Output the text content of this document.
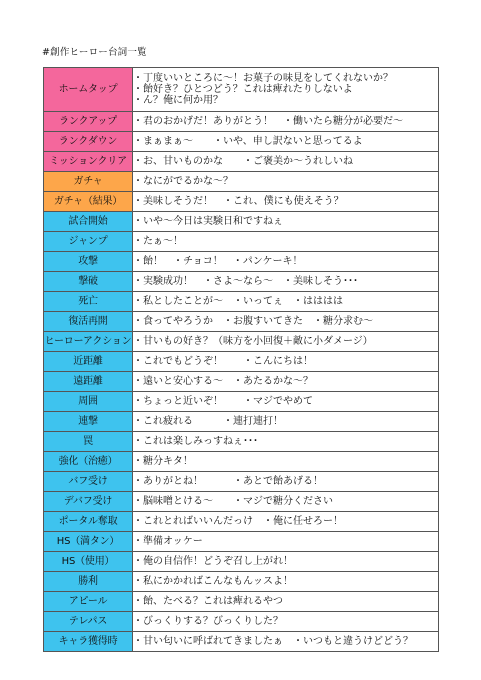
#創作ヒーロー台詞一覧
ホームタップ	・丁度いいところに〜！お菓子の味見をしてくれないか？
・飴好き？ひとつどう？これは痺れたりしないよ
・ん？俺に何か用？

ランクアップ	・君のおかげだ！ありがとう！　・働いたら糖分が必要だ〜

ランクダウン	・まぁまぁ〜　　・いや、申し訳ないと思ってるよ

ミッションクリア	・お、甘いものかな　　・ご褒美か〜うれしいね

ガチャ	・なにがでるかな〜？

ガチャ（結果）	・美味しそうだ！　・これ、僕にも使えそう？

試合開始	・いや〜今日は実験日和ですねぇ

ジャンプ	・たぁ〜！

攻撃	・飴！　・チョコ！　・パンケーキ！

撃破	・実験成功！　・さよ〜なら〜　・美味しそう･･･

死亡	・私としたことが〜　・いってぇ　・はははは

復活再開	・食ってやろうか　・お腹すいてきた　・糖分求む〜

ヒーローアクション	・甘いもの好き？（味方を小回復＋敵に小ダメージ）

近距離	・これでもどうぞ！　　・こんにちは！

遠距離	・遠いと安心する〜　・あたるかな〜？

周囲	・ちょっと近いぞ！　　・マジでやめて

連撃	・これ疲れる　　　・連打連打！

罠	・これは楽しみっすねぇ･･･

強化（治癒）	・糖分キタ！

バフ受け	・ありがとね！　　　・あとで飴あげる！

デバフ受け	・脳味噌とける〜　　・マジで糖分ください

ポータル奪取	・これとればいいんだっけ　・俺に任せろー！

HS（満タン）	・準備オッケー

HS（使用）	・俺の自信作！どうぞ召し上がれ！

勝利	・私にかかればこんなもんッスよ！

アピール	・飴、たべる？これは痺れるやつ

テレパス	・びっくりする？びっくりした？

キャラ獲得時	・甘い匂いに呼ばれてきましたぁ　・いつもと違うけどどう？
